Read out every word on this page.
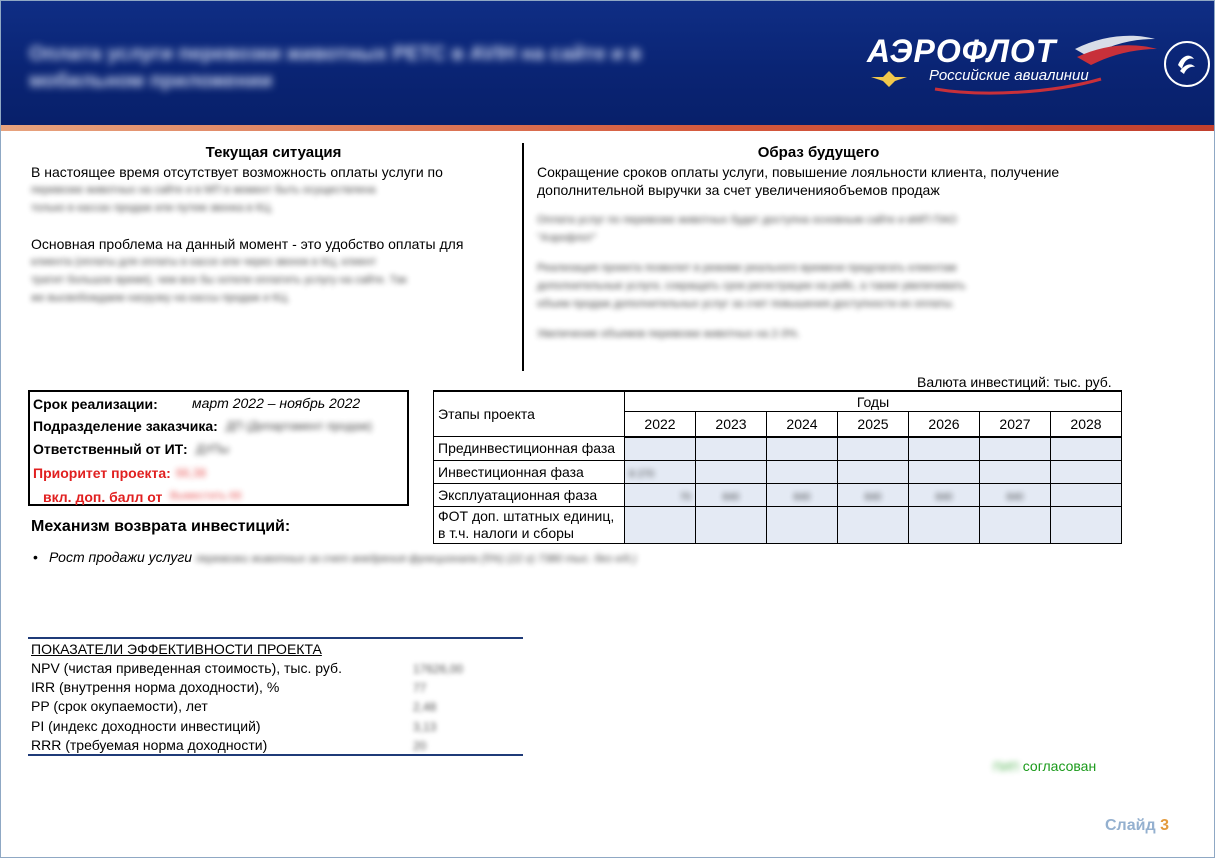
Оплата услуги перевозки животных PETC в AVIH на сайте и в мобильном приложении
АЭРОФЛОТ
Российские авиалинии
Текущая ситуация
В настоящее время отсутствует возможность оплаты услуги по
перевозке животных на сайте и в МП в момент быть осуществлена
только в кассах продаж или путем звонка в КЦ.
Основная проблема на данный момент - это удобство оплаты для
клиента (оплаты для оплаты в кассе или через звонок в КЦ, клиент
тратит большое время), чем все бы хотели оплатить услугу на сайте. Так
же высвобождаем нагрузку на кассы продаж и КЦ.
Образ будущего
Сокращение сроков оплаты услуги, повышение лояльности клиента, получение
дополнительной выручки за счет увеличенияобъемов продаж
Оплата услуг по перевозке животных будет доступна основным сайте и вМП ПАО
"Аэрофлот"
Реализация проекта позволит в режиме реального времени предлагать клиентам
дополнительные услуги, сокращать срок регистрации на рейс, а также увеличивать
объем продаж дополнительных услуг за счет повышения доступности их оплаты.
Увеличение объемов перевозки животных на 2-3%.
Срок реализации: март 2022 – ноябрь 2022
Подразделение заказчика: ДП (Департамент продаж)
Ответственный от ИТ: ДУПы
Приоритет проекта: 66,38
вкл. доп. балл от Выместить 66
Механизм возврата инвестиций:
• Рост продажи услуги перевозки животных за счет внедрения функционала (5%) (22 г) 7380 тыс. без н/д.)
Валюта инвестиций: тыс. руб.
Этапы проекта	Годы						
	2022	2023	2024	2025	2026	2027	2028
Прединвестиционная фаза							
Инвестиционная фаза	8 270						
Эксплуатационная фаза	70	840	840	840	840	840	

ФОТ доп. штатных единиц,
в т.ч. налоги и сборы							

ПОКАЗАТЕЛИ ЭФФЕКТИВНОСТИ ПРОЕКТА
NPV (чистая приведенная стоимость), тыс. руб.	17626,00
IRR (внутрення норма доходности), %	77
PP (срок окупаемости), лет	2,48
PI (индекс доходности инвестиций)	3,13
RRR (требуемая норма доходности)	20
ПИП согласован
Слайд 3
